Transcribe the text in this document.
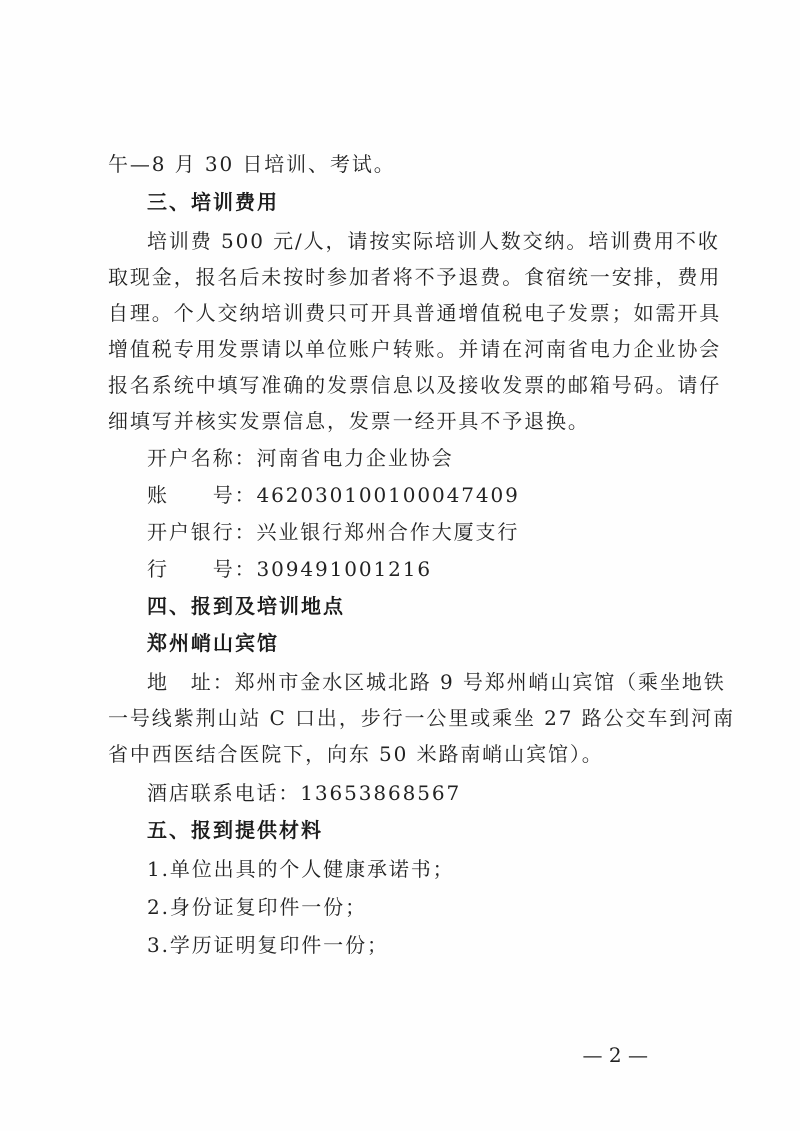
午—8 月 30 日培训、考试。
三、培训费用
培训费 500 元/人，请按实际培训人数交纳。培训费用不收
取现金，报名后未按时参加者将不予退费。食宿统一安排，费用
自理。个人交纳培训费只可开具普通增值税电子发票；如需开具
增值税专用发票请以单位账户转账。并请在河南省电力企业协会
报名系统中填写准确的发票信息以及接收发票的邮箱号码。请仔
细填写并核实发票信息，发票一经开具不予退换。
开户名称：河南省电力企业协会
账　　号：462030100100047409
开户银行：兴业银行郑州合作大厦支行
行　　号：309491001216
四、报到及培训地点
郑州峭山宾馆
地　址：郑州市金水区城北路 9 号郑州峭山宾馆（乘坐地铁
一号线紫荆山站 C 口出，步行一公里或乘坐 27 路公交车到河南
省中西医结合医院下，向东 50 米路南峭山宾馆）。
酒店联系电话：13653868567
五、报到提供材料
1.单位出具的个人健康承诺书；
2.身份证复印件一份；
3.学历证明复印件一份；
— 2 —
